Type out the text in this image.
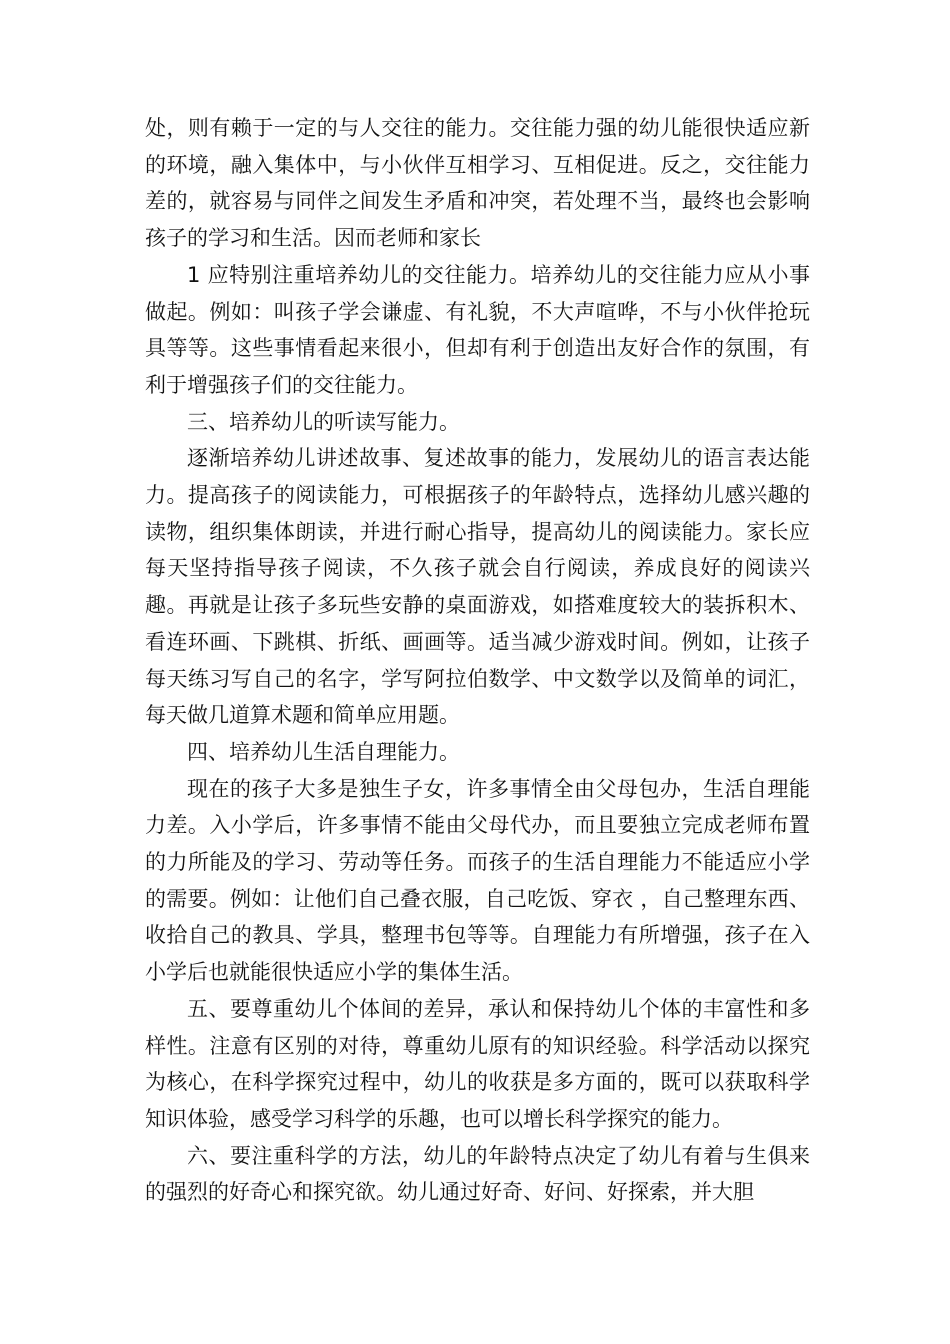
处，则有赖于一定的与人交往的能力。交往能力强的幼儿能很快适应新的环境，融入集体中，与小伙伴互相学习、互相促进。反之，交往能力差的，就容易与同伴之间发生矛盾和冲突，若处理不当，最终也会影响孩子的学习和生活。因而老师和家长

1 应特别注重培养幼儿的交往能力。培养幼儿的交往能力应从小事做起。例如：叫孩子学会谦虚、有礼貌，不大声喧哗，不与小伙伴抢玩具等等。这些事情看起来很小，但却有利于创造出友好合作的氛围，有利于增强孩子们的交往能力。

三、培养幼儿的听读写能力。

逐渐培养幼儿讲述故事、复述故事的能力，发展幼儿的语言表达能力。提高孩子的阅读能力，可根据孩子的年龄特点，选择幼儿感兴趣的读物，组织集体朗读，并进行耐心指导，提高幼儿的阅读能力。家长应每天坚持指导孩子阅读，不久孩子就会自行阅读，养成良好的阅读兴趣。再就是让孩子多玩些安静的桌面游戏，如搭难度较大的装拆积木、看连环画、下跳棋、折纸、画画等。适当减少游戏时间。例如，让孩子每天练习写自己的名字，学写阿拉伯数学、中文数学以及简单的词汇，每天做几道算术题和简单应用题。

四、培养幼儿生活自理能力。

现在的孩子大多是独生子女，许多事情全由父母包办，生活自理能力差。入小学后，许多事情不能由父母代办，而且要独立完成老师布置的力所能及的学习、劳动等任务。而孩子的生活自理能力不能适应小学的需要。例如：让他们自己叠衣服，自己吃饭、穿衣 ，自己整理东西、收拾自己的教具、学具，整理书包等等。自理能力有所增强，孩子在入小学后也就能很快适应小学的集体生活。

五、要尊重幼儿个体间的差异，承认和保持幼儿个体的丰富性和多样性。注意有区别的对待，尊重幼儿原有的知识经验。科学活动以探究为核心，在科学探究过程中，幼儿的收获是多方面的，既可以获取科学知识体验，感受学习科学的乐趣，也可以增长科学探究的能力。

六、要注重科学的方法，幼儿的年龄特点决定了幼儿有着与生俱来的强烈的好奇心和探究欲。幼儿通过好奇、好问、好探索，并大胆
